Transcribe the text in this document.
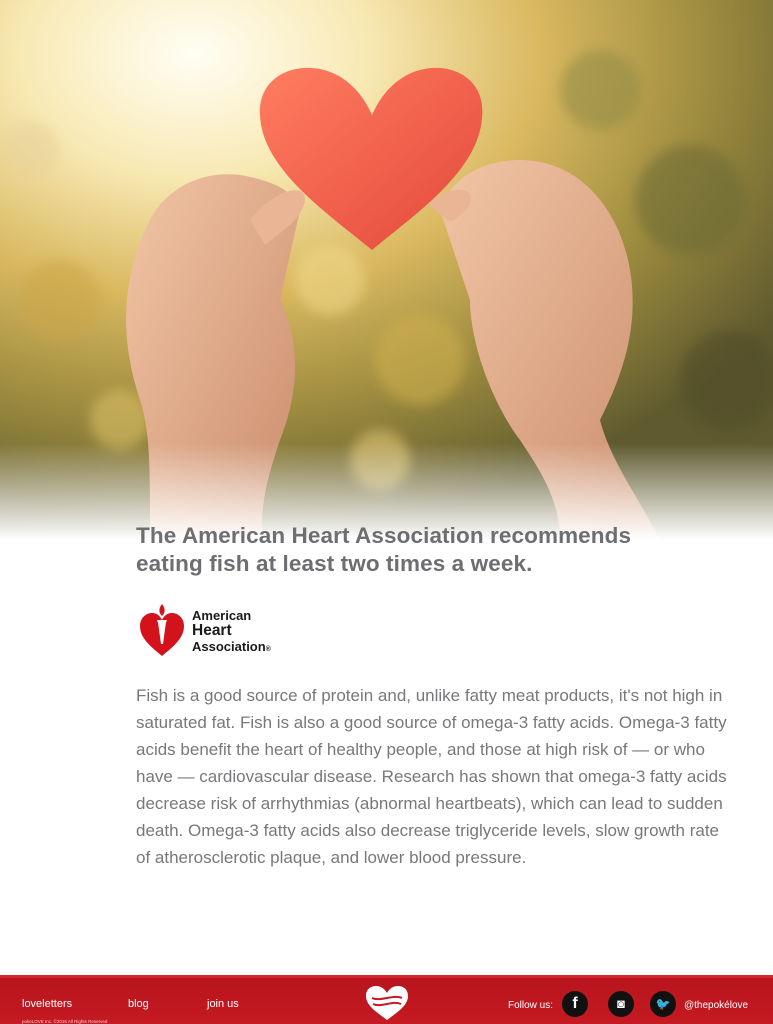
The American Heart Association recommends
eating fish at least two times a week.
American
Heart
Association®

Fish is a good source of protein and, unlike fatty meat products, it's not high in saturated fat. Fish is also a good source of omega-3 fatty acids. Omega-3 fatty acids benefit the heart of healthy people, and those at high risk of — or who have — cardiovascular disease. Research has shown that omega-3 fatty acids decrease risk of arrhythmias (abnormal heartbeats), which can lead to sudden death. Omega-3 fatty acids also decrease triglyceride levels, slow growth rate of atherosclerotic plaque, and lower blood pressure.

loveletters	blog	join us
pokeLOVE Inc. ©2016 All Rights Reserved
Follow us:	f	◙	🐦	@thepokélove
